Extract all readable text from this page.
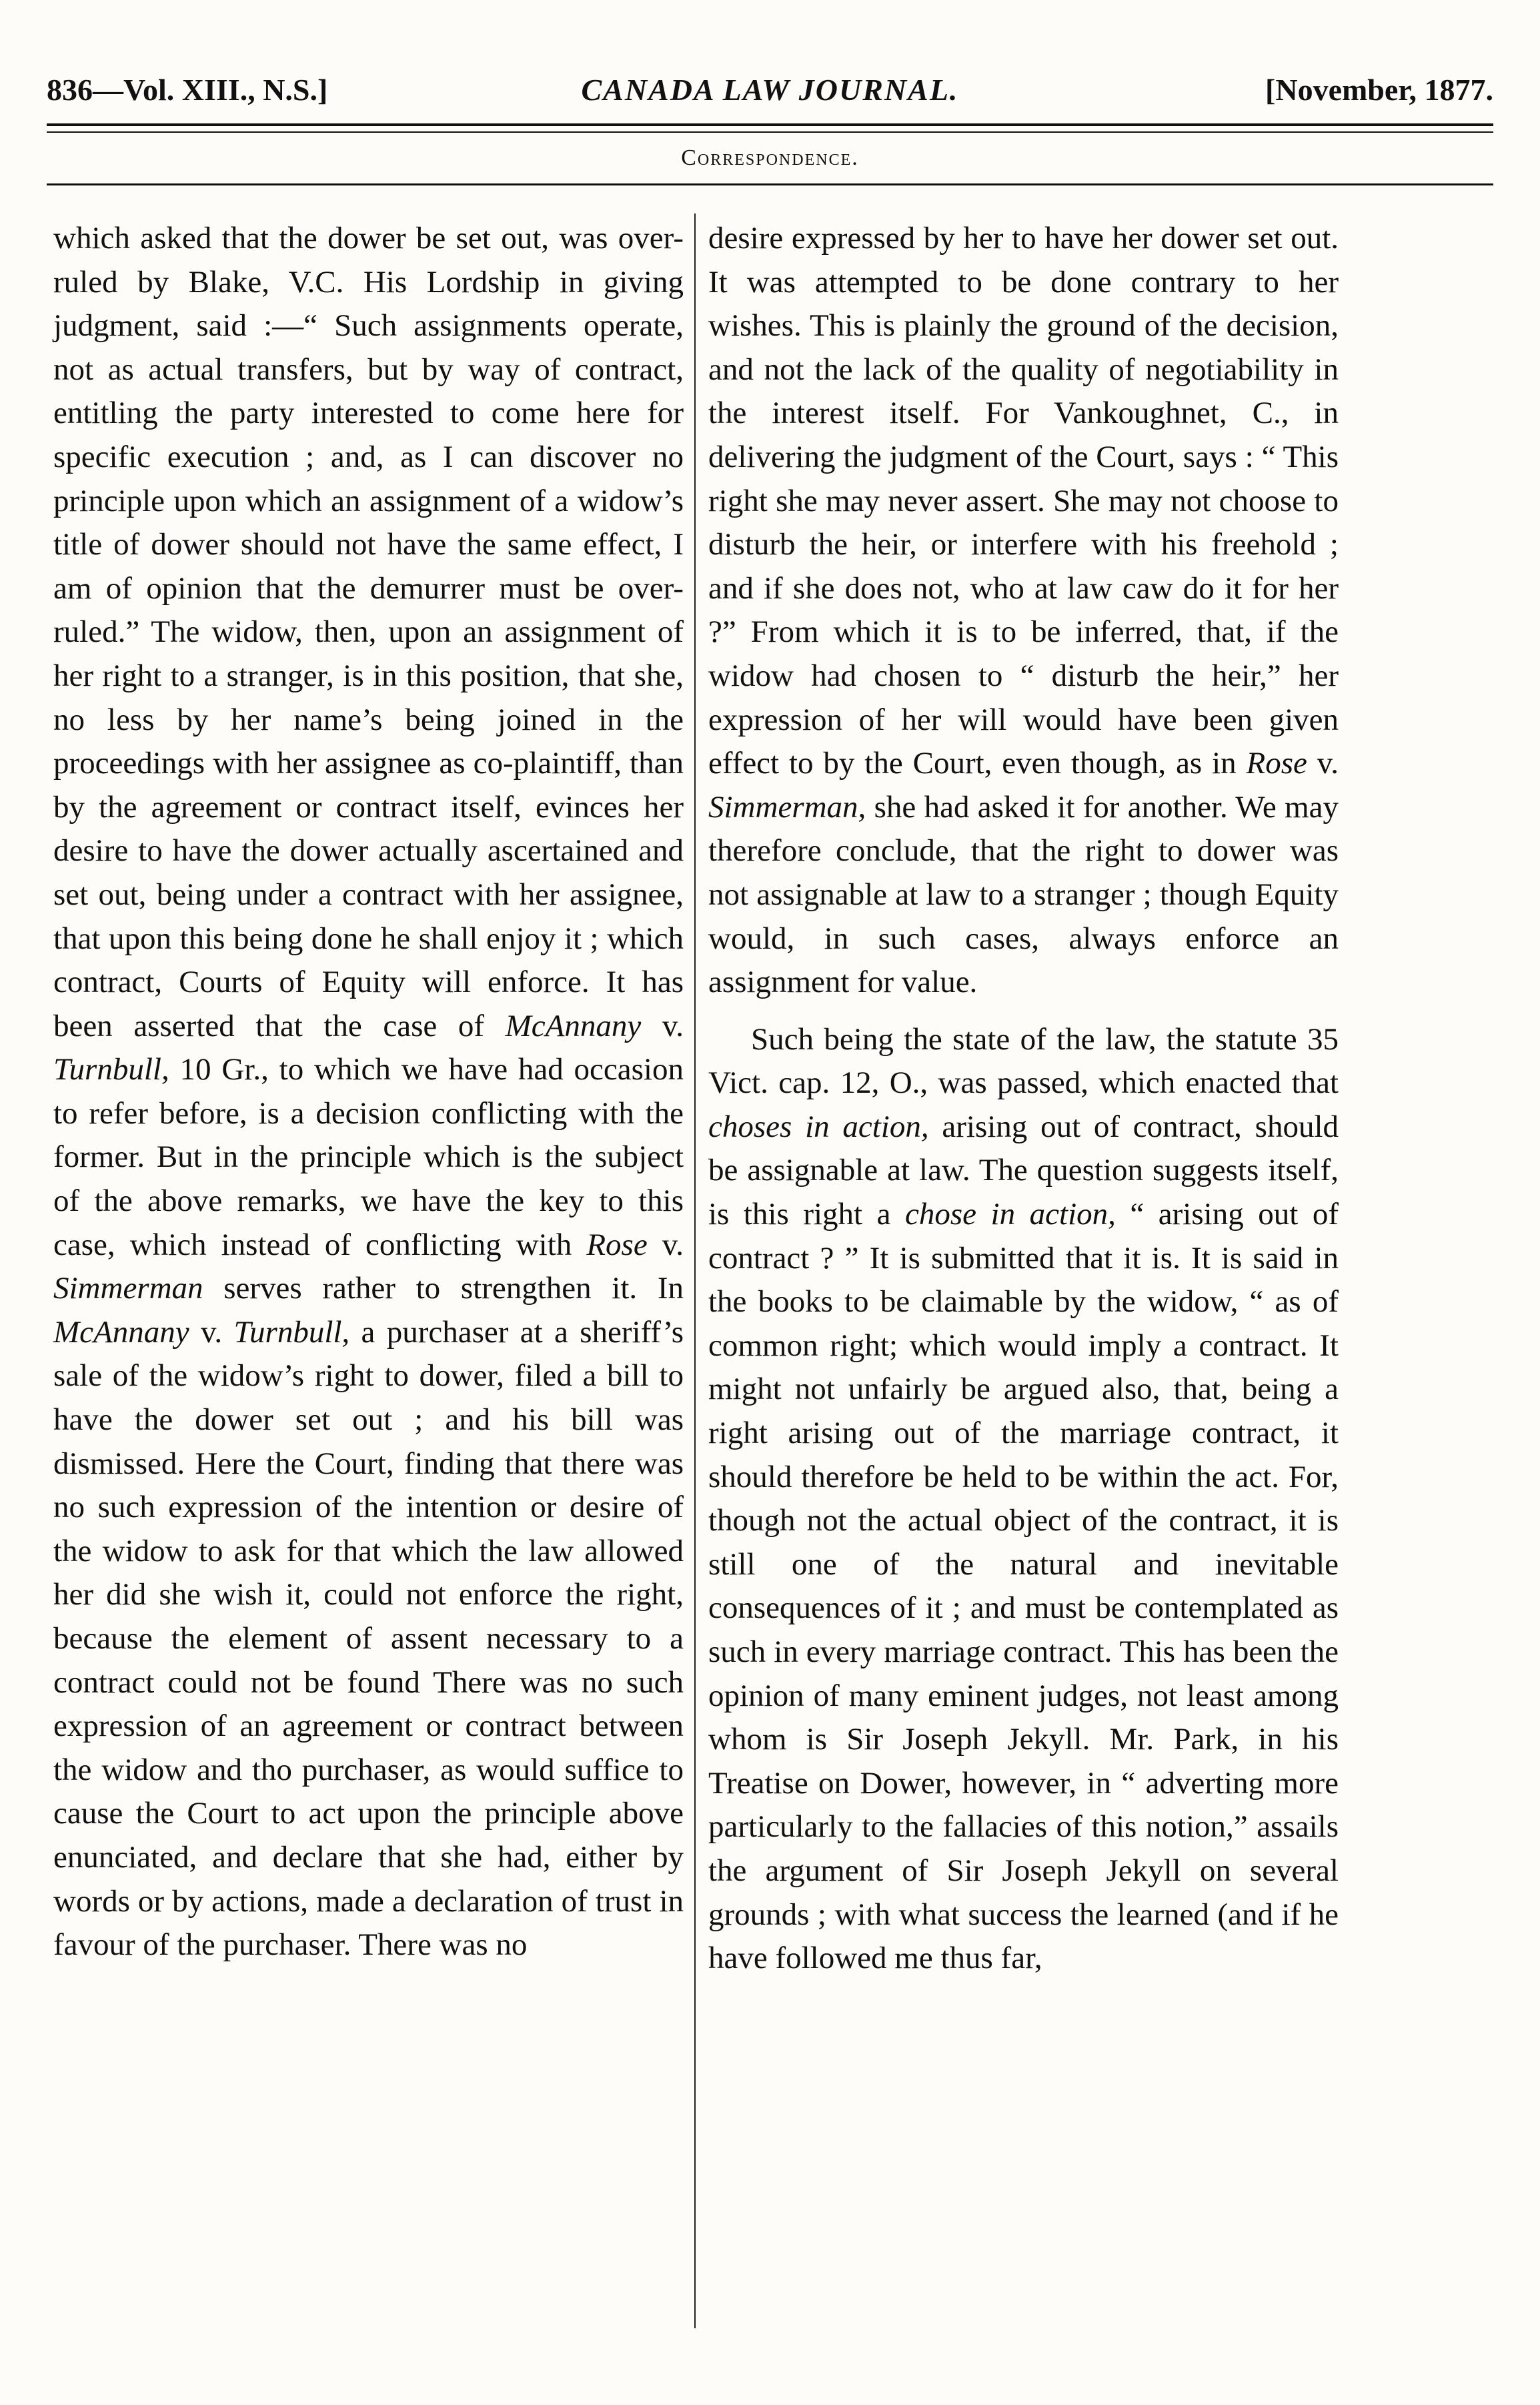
836—Vol. XIII., N.S.]	CANADA LAW JOURNAL.	[November, 1877.
Correspondence.

which asked that the dower be set out, was over-ruled by Blake, V.C. His Lordship in giving judgment, said :—“ Such assignments operate, not as actual transfers, but by way of contract, entitling the party interested to come here for specific execution ; and, as I can discover no principle upon which an assignment of a widow’s title of dower should not have the same effect, I am of opinion that the demurrer must be over-ruled.” The widow, then, upon an assignment of her right to a stranger, is in this position, that she, no less by her name’s being joined in the proceedings with her assignee as co-plaintiff, than by the agreement or contract itself, evinces her desire to have the dower actually ascertained and set out, being under a contract with her assignee, that upon this being done he shall enjoy it ; which contract, Courts of Equity will enforce. It has been asserted that the case of McAnnany v. Turnbull, 10 Gr., to which we have had occasion to refer before, is a decision conflicting with the former. But in the principle which is the subject of the above remarks, we have the key to this case, which instead of conflicting with Rose v. Simmerman serves rather to strengthen it. In McAnnany v. Turnbull, a purchaser at a sheriff’s sale of the widow’s right to dower, filed a bill to have the dower set out ; and his bill was dismissed. Here the Court, finding that there was no such expression of the intention or desire of the widow to ask for that which the law allowed her did she wish it, could not enforce the right, because the element of assent necessary to a contract could not be found There was no such expression of an agreement or contract between the widow and tho purchaser, as would suffice to cause the Court to act upon the principle above enunciated, and declare that she had, either by words or by actions, made a declaration of trust in favour of the purchaser. There was no

desire expressed by her to have her dower set out. It was attempted to be done contrary to her wishes. This is plainly the ground of the decision, and not the lack of the quality of negotiability in the interest itself. For Vankoughnet, C., in delivering the judgment of the Court, says : “ This right she may never assert. She may not choose to disturb the heir, or interfere with his freehold ; and if she does not, who at law caw do it for her ?” From which it is to be inferred, that, if the widow had chosen to “ disturb the heir,” her expression of her will would have been given effect to by the Court, even though, as in Rose v. Simmerman, she had asked it for another. We may therefore conclude, that the right to dower was not assignable at law to a stranger ; though Equity would, in such cases, always enforce an assignment for value.

Such being the state of the law, the statute 35 Vict. cap. 12, O., was passed, which enacted that choses in action, arising out of contract, should be assignable at law. The question suggests itself, is this right a chose in action, “ arising out of contract ? ” It is submitted that it is. It is said in the books to be claimable by the widow, “ as of common right; which would imply a contract. It might not unfairly be argued also, that, being a right arising out of the marriage contract, it should therefore be held to be within the act. For, though not the actual object of the contract, it is still one of the natural and inevitable consequences of it ; and must be contemplated as such in every marriage contract. This has been the opinion of many eminent judges, not least among whom is Sir Joseph Jekyll. Mr. Park, in his Treatise on Dower, however, in “ adverting more particularly to the fallacies of this notion,” assails the argument of Sir Joseph Jekyll on several grounds ; with what success the learned (and if he have followed me thus far,
